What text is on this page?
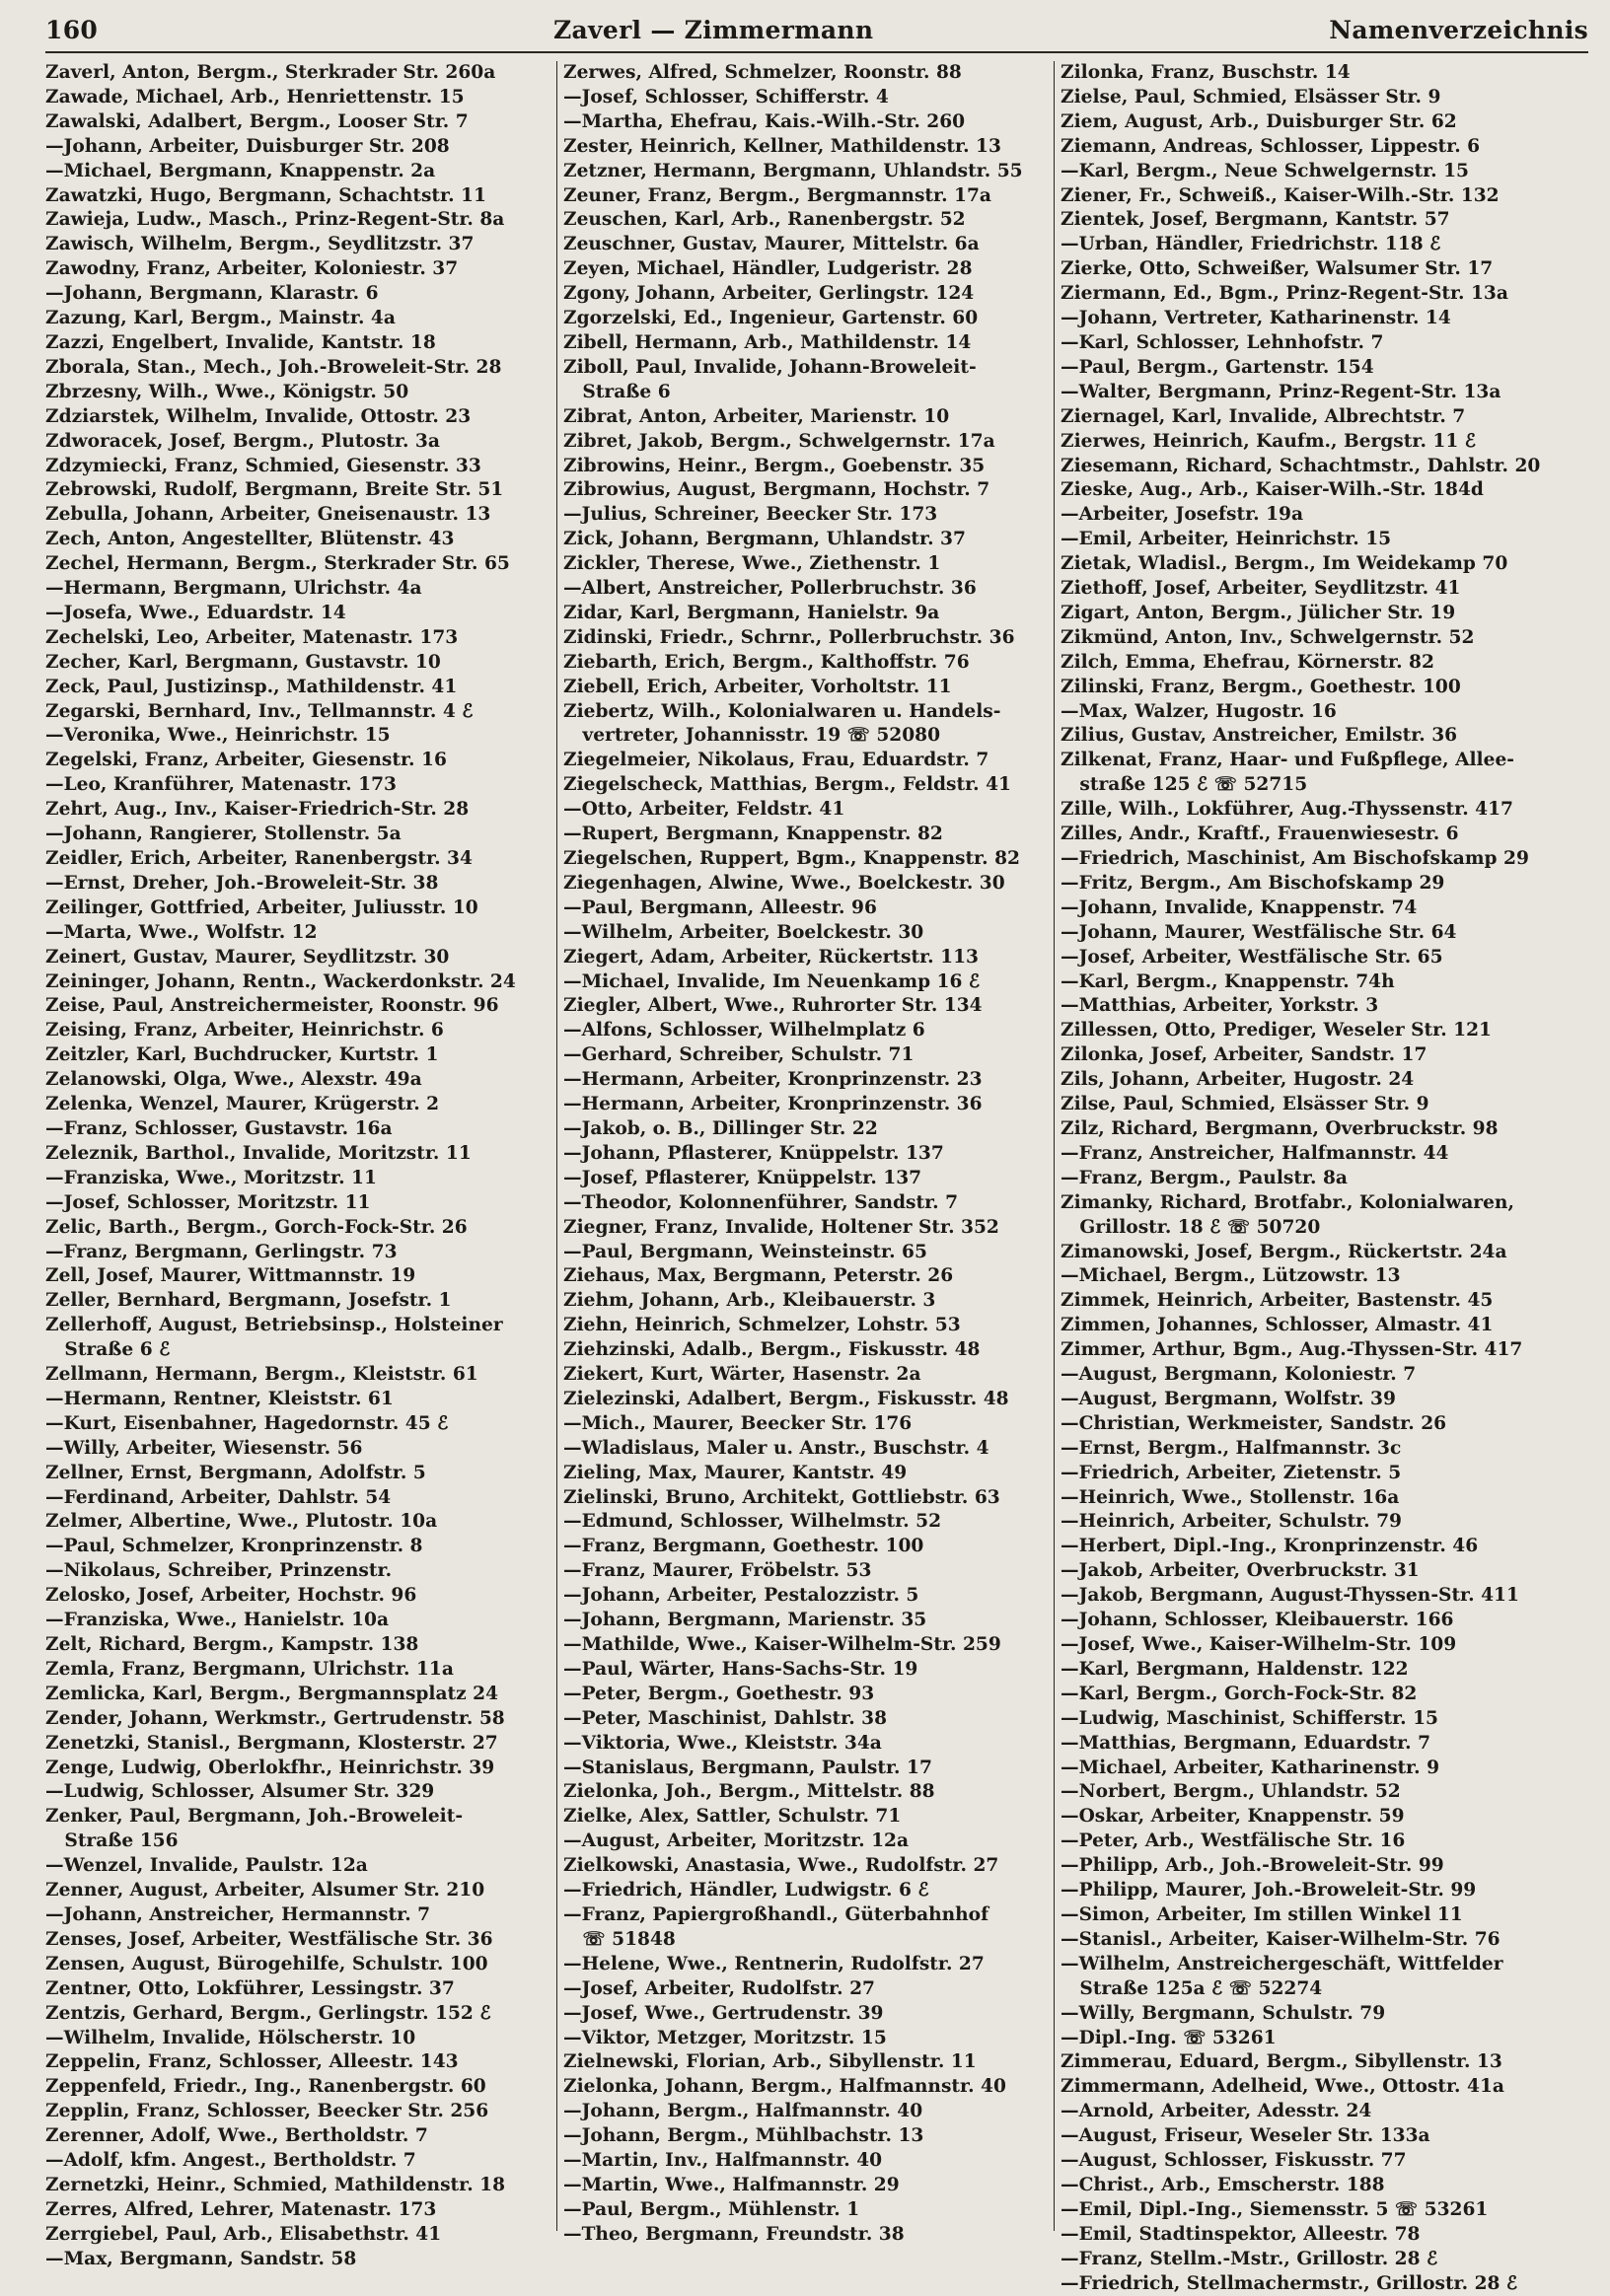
160	Zaverl — Zimmermann	Namenverzeichnis
Zaverl, Anton, Bergm., Sterkrader Str. 260a
Zawade, Michael, Arb., Henriettenstr. 15
Zawalski, Adalbert, Bergm., Looser Str. 7
—Johann, Arbeiter, Duisburger Str. 208
—Michael, Bergmann, Knappenstr. 2a
Zawatzki, Hugo, Bergmann, Schachtstr. 11
Zawieja, Ludw., Masch., Prinz-Regent-Str. 8a
Zawisch, Wilhelm, Bergm., Seydlitzstr. 37
Zawodny, Franz, Arbeiter, Koloniestr. 37
—Johann, Bergmann, Klarastr. 6
Zazung, Karl, Bergm., Mainstr. 4a
Zazzi, Engelbert, Invalide, Kantstr. 18
Zborala, Stan., Mech., Joh.-Broweleit-Str. 28
Zbrzesny, Wilh., Wwe., Königstr. 50
Zdziarstek, Wilhelm, Invalide, Ottostr. 23
Zdworacek, Josef, Bergm., Plutostr. 3a
Zdzymiecki, Franz, Schmied, Giesenstr. 33
Zebrowski, Rudolf, Bergmann, Breite Str. 51
Zebulla, Johann, Arbeiter, Gneisenaustr. 13
Zech, Anton, Angestellter, Blütenstr. 43
Zechel, Hermann, Bergm., Sterkrader Str. 65
—Hermann, Bergmann, Ulrichstr. 4a
—Josefa, Wwe., Eduardstr. 14
Zechelski, Leo, Arbeiter, Matenastr. 173
Zecher, Karl, Bergmann, Gustavstr. 10
Zeck, Paul, Justizinsp., Mathildenstr. 41
Zegarski, Bernhard, Inv., Tellmannstr. 4 ℰ
—Veronika, Wwe., Heinrichstr. 15
Zegelski, Franz, Arbeiter, Giesenstr. 16
—Leo, Kranführer, Matenastr. 173
Zehrt, Aug., Inv., Kaiser-Friedrich-Str. 28
—Johann, Rangierer, Stollenstr. 5a
Zeidler, Erich, Arbeiter, Ranenbergstr. 34
—Ernst, Dreher, Joh.-Broweleit-Str. 38
Zeilinger, Gottfried, Arbeiter, Juliusstr. 10
—Marta, Wwe., Wolfstr. 12
Zeinert, Gustav, Maurer, Seydlitzstr. 30
Zeininger, Johann, Rentn., Wackerdonkstr. 24
Zeise, Paul, Anstreichermeister, Roonstr. 96
Zeising, Franz, Arbeiter, Heinrichstr. 6
Zeitzler, Karl, Buchdrucker, Kurtstr. 1
Zelanowski, Olga, Wwe., Alexstr. 49a
Zelenka, Wenzel, Maurer, Krügerstr. 2
—Franz, Schlosser, Gustavstr. 16a
Zeleznik, Barthol., Invalide, Moritzstr. 11
—Franziska, Wwe., Moritzstr. 11
—Josef, Schlosser, Moritzstr. 11
Zelic, Barth., Bergm., Gorch-Fock-Str. 26
—Franz, Bergmann, Gerlingstr. 73
Zell, Josef, Maurer, Wittmannstr. 19
Zeller, Bernhard, Bergmann, Josefstr. 1
Zellerhoff, August, Betriebsinsp., Holsteiner
Straße 6 ℰ
Zellmann, Hermann, Bergm., Kleiststr. 61
—Hermann, Rentner, Kleiststr. 61
—Kurt, Eisenbahner, Hagedornstr. 45 ℰ
—Willy, Arbeiter, Wiesenstr. 56
Zellner, Ernst, Bergmann, Adolfstr. 5
—Ferdinand, Arbeiter, Dahlstr. 54
Zelmer, Albertine, Wwe., Plutostr. 10a
—Paul, Schmelzer, Kronprinzenstr. 8
—Nikolaus, Schreiber, Prinzenstr.
Zelosko, Josef, Arbeiter, Hochstr. 96
—Franziska, Wwe., Hanielstr. 10a
Zelt, Richard, Bergm., Kampstr. 138
Zemla, Franz, Bergmann, Ulrichstr. 11a
Zemlicka, Karl, Bergm., Bergmannsplatz 24
Zender, Johann, Werkmstr., Gertrudenstr. 58
Zenetzki, Stanisl., Bergmann, Klosterstr. 27
Zenge, Ludwig, Oberlokfhr., Heinrichstr. 39
—Ludwig, Schlosser, Alsumer Str. 329
Zenker, Paul, Bergmann, Joh.-Broweleit-
Straße 156
—Wenzel, Invalide, Paulstr. 12a
Zenner, August, Arbeiter, Alsumer Str. 210
—Johann, Anstreicher, Hermannstr. 7
Zenses, Josef, Arbeiter, Westfälische Str. 36
Zensen, August, Bürogehilfe, Schulstr. 100
Zentner, Otto, Lokführer, Lessingstr. 37
Zentzis, Gerhard, Bergm., Gerlingstr. 152 ℰ
—Wilhelm, Invalide, Hölscherstr. 10
Zeppelin, Franz, Schlosser, Alleestr. 143
Zeppenfeld, Friedr., Ing., Ranenbergstr. 60
Zepplin, Franz, Schlosser, Beecker Str. 256
Zerenner, Adolf, Wwe., Bertholdstr. 7
—Adolf, kfm. Angest., Bertholdstr. 7
Zernetzki, Heinr., Schmied, Mathildenstr. 18
Zerres, Alfred, Lehrer, Matenastr. 173
Zerrgiebel, Paul, Arb., Elisabethstr. 41
—Max, Bergmann, Sandstr. 58
Zerwes, Alfred, Schmelzer, Roonstr. 88
—Josef, Schlosser, Schifferstr. 4
—Martha, Ehefrau, Kais.-Wilh.-Str. 260
Zester, Heinrich, Kellner, Mathildenstr. 13
Zetzner, Hermann, Bergmann, Uhlandstr. 55
Zeuner, Franz, Bergm., Bergmannstr. 17a
Zeuschen, Karl, Arb., Ranenbergstr. 52
Zeuschner, Gustav, Maurer, Mittelstr. 6a
Zeyen, Michael, Händler, Ludgeristr. 28
Zgony, Johann, Arbeiter, Gerlingstr. 124
Zgorzelski, Ed., Ingenieur, Gartenstr. 60
Zibell, Hermann, Arb., Mathildenstr. 14
Ziboll, Paul, Invalide, Johann-Broweleit-
Straße 6
Zibrat, Anton, Arbeiter, Marienstr. 10
Zibret, Jakob, Bergm., Schwelgernstr. 17a
Zibrowins, Heinr., Bergm., Goebenstr. 35
Zibrowius, August, Bergmann, Hochstr. 7
—Julius, Schreiner, Beecker Str. 173
Zick, Johann, Bergmann, Uhlandstr. 37
Zickler, Therese, Wwe., Ziethenstr. 1
—Albert, Anstreicher, Pollerbruchstr. 36
Zidar, Karl, Bergmann, Hanielstr. 9a
Zidinski, Friedr., Schrnr., Pollerbruchstr. 36
Ziebarth, Erich, Bergm., Kalthoffstr. 76
Ziebell, Erich, Arbeiter, Vorholtstr. 11
Ziebertz, Wilh., Kolonialwaren u. Handels-
vertreter, Johannisstr. 19 ☏ 52080
Ziegelmeier, Nikolaus, Frau, Eduardstr. 7
Ziegelscheck, Matthias, Bergm., Feldstr. 41
—Otto, Arbeiter, Feldstr. 41
—Rupert, Bergmann, Knappenstr. 82
Ziegelschen, Ruppert, Bgm., Knappenstr. 82
Ziegenhagen, Alwine, Wwe., Boelckestr. 30
—Paul, Bergmann, Alleestr. 96
—Wilhelm, Arbeiter, Boelckestr. 30
Ziegert, Adam, Arbeiter, Rückertstr. 113
—Michael, Invalide, Im Neuenkamp 16 ℰ
Ziegler, Albert, Wwe., Ruhrorter Str. 134
—Alfons, Schlosser, Wilhelmplatz 6
—Gerhard, Schreiber, Schulstr. 71
—Hermann, Arbeiter, Kronprinzenstr. 23
—Hermann, Arbeiter, Kronprinzenstr. 36
—Jakob, o. B., Dillinger Str. 22
—Johann, Pflasterer, Knüppelstr. 137
—Josef, Pflasterer, Knüppelstr. 137
—Theodor, Kolonnenführer, Sandstr. 7
Ziegner, Franz, Invalide, Holtener Str. 352
—Paul, Bergmann, Weinsteinstr. 65
Ziehaus, Max, Bergmann, Peterstr. 26
Ziehm, Johann, Arb., Kleibauerstr. 3
Ziehn, Heinrich, Schmelzer, Lohstr. 53
Ziehzinski, Adalb., Bergm., Fiskusstr. 48
Ziekert, Kurt, Wärter, Hasenstr. 2a
Zielezinski, Adalbert, Bergm., Fiskusstr. 48
—Mich., Maurer, Beecker Str. 176
—Wladislaus, Maler u. Anstr., Buschstr. 4
Zieling, Max, Maurer, Kantstr. 49
Zielinski, Bruno, Architekt, Gottliebstr. 63
—Edmund, Schlosser, Wilhelmstr. 52
—Franz, Bergmann, Goethestr. 100
—Franz, Maurer, Fröbelstr. 53
—Johann, Arbeiter, Pestalozzistr. 5
—Johann, Bergmann, Marienstr. 35
—Mathilde, Wwe., Kaiser-Wilhelm-Str. 259
—Paul, Wärter, Hans-Sachs-Str. 19
—Peter, Bergm., Goethestr. 93
—Peter, Maschinist, Dahlstr. 38
—Viktoria, Wwe., Kleiststr. 34a
—Stanislaus, Bergmann, Paulstr. 17
Zielonka, Joh., Bergm., Mittelstr. 88
Zielke, Alex, Sattler, Schulstr. 71
—August, Arbeiter, Moritzstr. 12a
Zielkowski, Anastasia, Wwe., Rudolfstr. 27
—Friedrich, Händler, Ludwigstr. 6 ℰ
—Franz, Papiergroßhandl., Güterbahnhof
☏ 51848
—Helene, Wwe., Rentnerin, Rudolfstr. 27
—Josef, Arbeiter, Rudolfstr. 27
—Josef, Wwe., Gertrudenstr. 39
—Viktor, Metzger, Moritzstr. 15
Zielnewski, Florian, Arb., Sibyllenstr. 11
Zielonka, Johann, Bergm., Halfmannstr. 40
—Johann, Bergm., Halfmannstr. 40
—Johann, Bergm., Mühlbachstr. 13
—Martin, Inv., Halfmannstr. 40
—Martin, Wwe., Halfmannstr. 29
—Paul, Bergm., Mühlenstr. 1
—Theo, Bergmann, Freundstr. 38
Zilonka, Franz, Buschstr. 14
Zielse, Paul, Schmied, Elsässer Str. 9
Ziem, August, Arb., Duisburger Str. 62
Ziemann, Andreas, Schlosser, Lippestr. 6
—Karl, Bergm., Neue Schwelgernstr. 15
Ziener, Fr., Schweiß., Kaiser-Wilh.-Str. 132
Zientek, Josef, Bergmann, Kantstr. 57
—Urban, Händler, Friedrichstr. 118 ℰ
Zierke, Otto, Schweißer, Walsumer Str. 17
Ziermann, Ed., Bgm., Prinz-Regent-Str. 13a
—Johann, Vertreter, Katharinenstr. 14
—Karl, Schlosser, Lehnhofstr. 7
—Paul, Bergm., Gartenstr. 154
—Walter, Bergmann, Prinz-Regent-Str. 13a
Ziernagel, Karl, Invalide, Albrechtstr. 7
Zierwes, Heinrich, Kaufm., Bergstr. 11 ℰ
Ziesemann, Richard, Schachtmstr., Dahlstr. 20
Zieske, Aug., Arb., Kaiser-Wilh.-Str. 184d
—Arbeiter, Josefstr. 19a
—Emil, Arbeiter, Heinrichstr. 15
Zietak, Wladisl., Bergm., Im Weidekamp 70
Ziethoff, Josef, Arbeiter, Seydlitzstr. 41
Zigart, Anton, Bergm., Jülicher Str. 19
Zikmünd, Anton, Inv., Schwelgernstr. 52
Zilch, Emma, Ehefrau, Körnerstr. 82
Zilinski, Franz, Bergm., Goethestr. 100
—Max, Walzer, Hugostr. 16
Zilius, Gustav, Anstreicher, Emilstr. 36
Zilkenat, Franz, Haar- und Fußpflege, Allee-
straße 125 ℰ ☏ 52715
Zille, Wilh., Lokführer, Aug.-Thyssenstr. 417
Zilles, Andr., Kraftf., Frauenwiesestr. 6
—Friedrich, Maschinist, Am Bischofskamp 29
—Fritz, Bergm., Am Bischofskamp 29
—Johann, Invalide, Knappenstr. 74
—Johann, Maurer, Westfälische Str. 64
—Josef, Arbeiter, Westfälische Str. 65
—Karl, Bergm., Knappenstr. 74h
—Matthias, Arbeiter, Yorkstr. 3
Zillessen, Otto, Prediger, Weseler Str. 121
Zilonka, Josef, Arbeiter, Sandstr. 17
Zils, Johann, Arbeiter, Hugostr. 24
Zilse, Paul, Schmied, Elsässer Str. 9
Zilz, Richard, Bergmann, Overbruckstr. 98
—Franz, Anstreicher, Halfmannstr. 44
—Franz, Bergm., Paulstr. 8a
Zimanky, Richard, Brotfabr., Kolonialwaren,
Grillostr. 18 ℰ ☏ 50720
Zimanowski, Josef, Bergm., Rückertstr. 24a
—Michael, Bergm., Lützowstr. 13
Zimmek, Heinrich, Arbeiter, Bastenstr. 45
Zimmen, Johannes, Schlosser, Almastr. 41
Zimmer, Arthur, Bgm., Aug.-Thyssen-Str. 417
—August, Bergmann, Koloniestr. 7
—August, Bergmann, Wolfstr. 39
—Christian, Werkmeister, Sandstr. 26
—Ernst, Bergm., Halfmannstr. 3c
—Friedrich, Arbeiter, Zietenstr. 5
—Heinrich, Wwe., Stollenstr. 16a
—Heinrich, Arbeiter, Schulstr. 79
—Herbert, Dipl.-Ing., Kronprinzenstr. 46
—Jakob, Arbeiter, Overbruckstr. 31
—Jakob, Bergmann, August-Thyssen-Str. 411
—Johann, Schlosser, Kleibauerstr. 166
—Josef, Wwe., Kaiser-Wilhelm-Str. 109
—Karl, Bergmann, Haldenstr. 122
—Karl, Bergm., Gorch-Fock-Str. 82
—Ludwig, Maschinist, Schifferstr. 15
—Matthias, Bergmann, Eduardstr. 7
—Michael, Arbeiter, Katharinenstr. 9
—Norbert, Bergm., Uhlandstr. 52
—Oskar, Arbeiter, Knappenstr. 59
—Peter, Arb., Westfälische Str. 16
—Philipp, Arb., Joh.-Broweleit-Str. 99
—Philipp, Maurer, Joh.-Broweleit-Str. 99
—Simon, Arbeiter, Im stillen Winkel 11
—Stanisl., Arbeiter, Kaiser-Wilhelm-Str. 76
—Wilhelm, Anstreichergeschäft, Wittfelder
Straße 125a ℰ ☏ 52274
—Willy, Bergmann, Schulstr. 79
—Dipl.-Ing. ☏ 53261
Zimmerau, Eduard, Bergm., Sibyllenstr. 13
Zimmermann, Adelheid, Wwe., Ottostr. 41a
—Arnold, Arbeiter, Adesstr. 24
—August, Friseur, Weseler Str. 133a
—August, Schlosser, Fiskusstr. 77
—Christ., Arb., Emscherstr. 188
—Emil, Dipl.-Ing., Siemensstr. 5 ☏ 53261
—Emil, Stadtinspektor, Alleestr. 78
—Franz, Stellm.-Mstr., Grillostr. 28 ℰ
—Friedrich, Stellmachermstr., Grillostr. 28 ℰ
